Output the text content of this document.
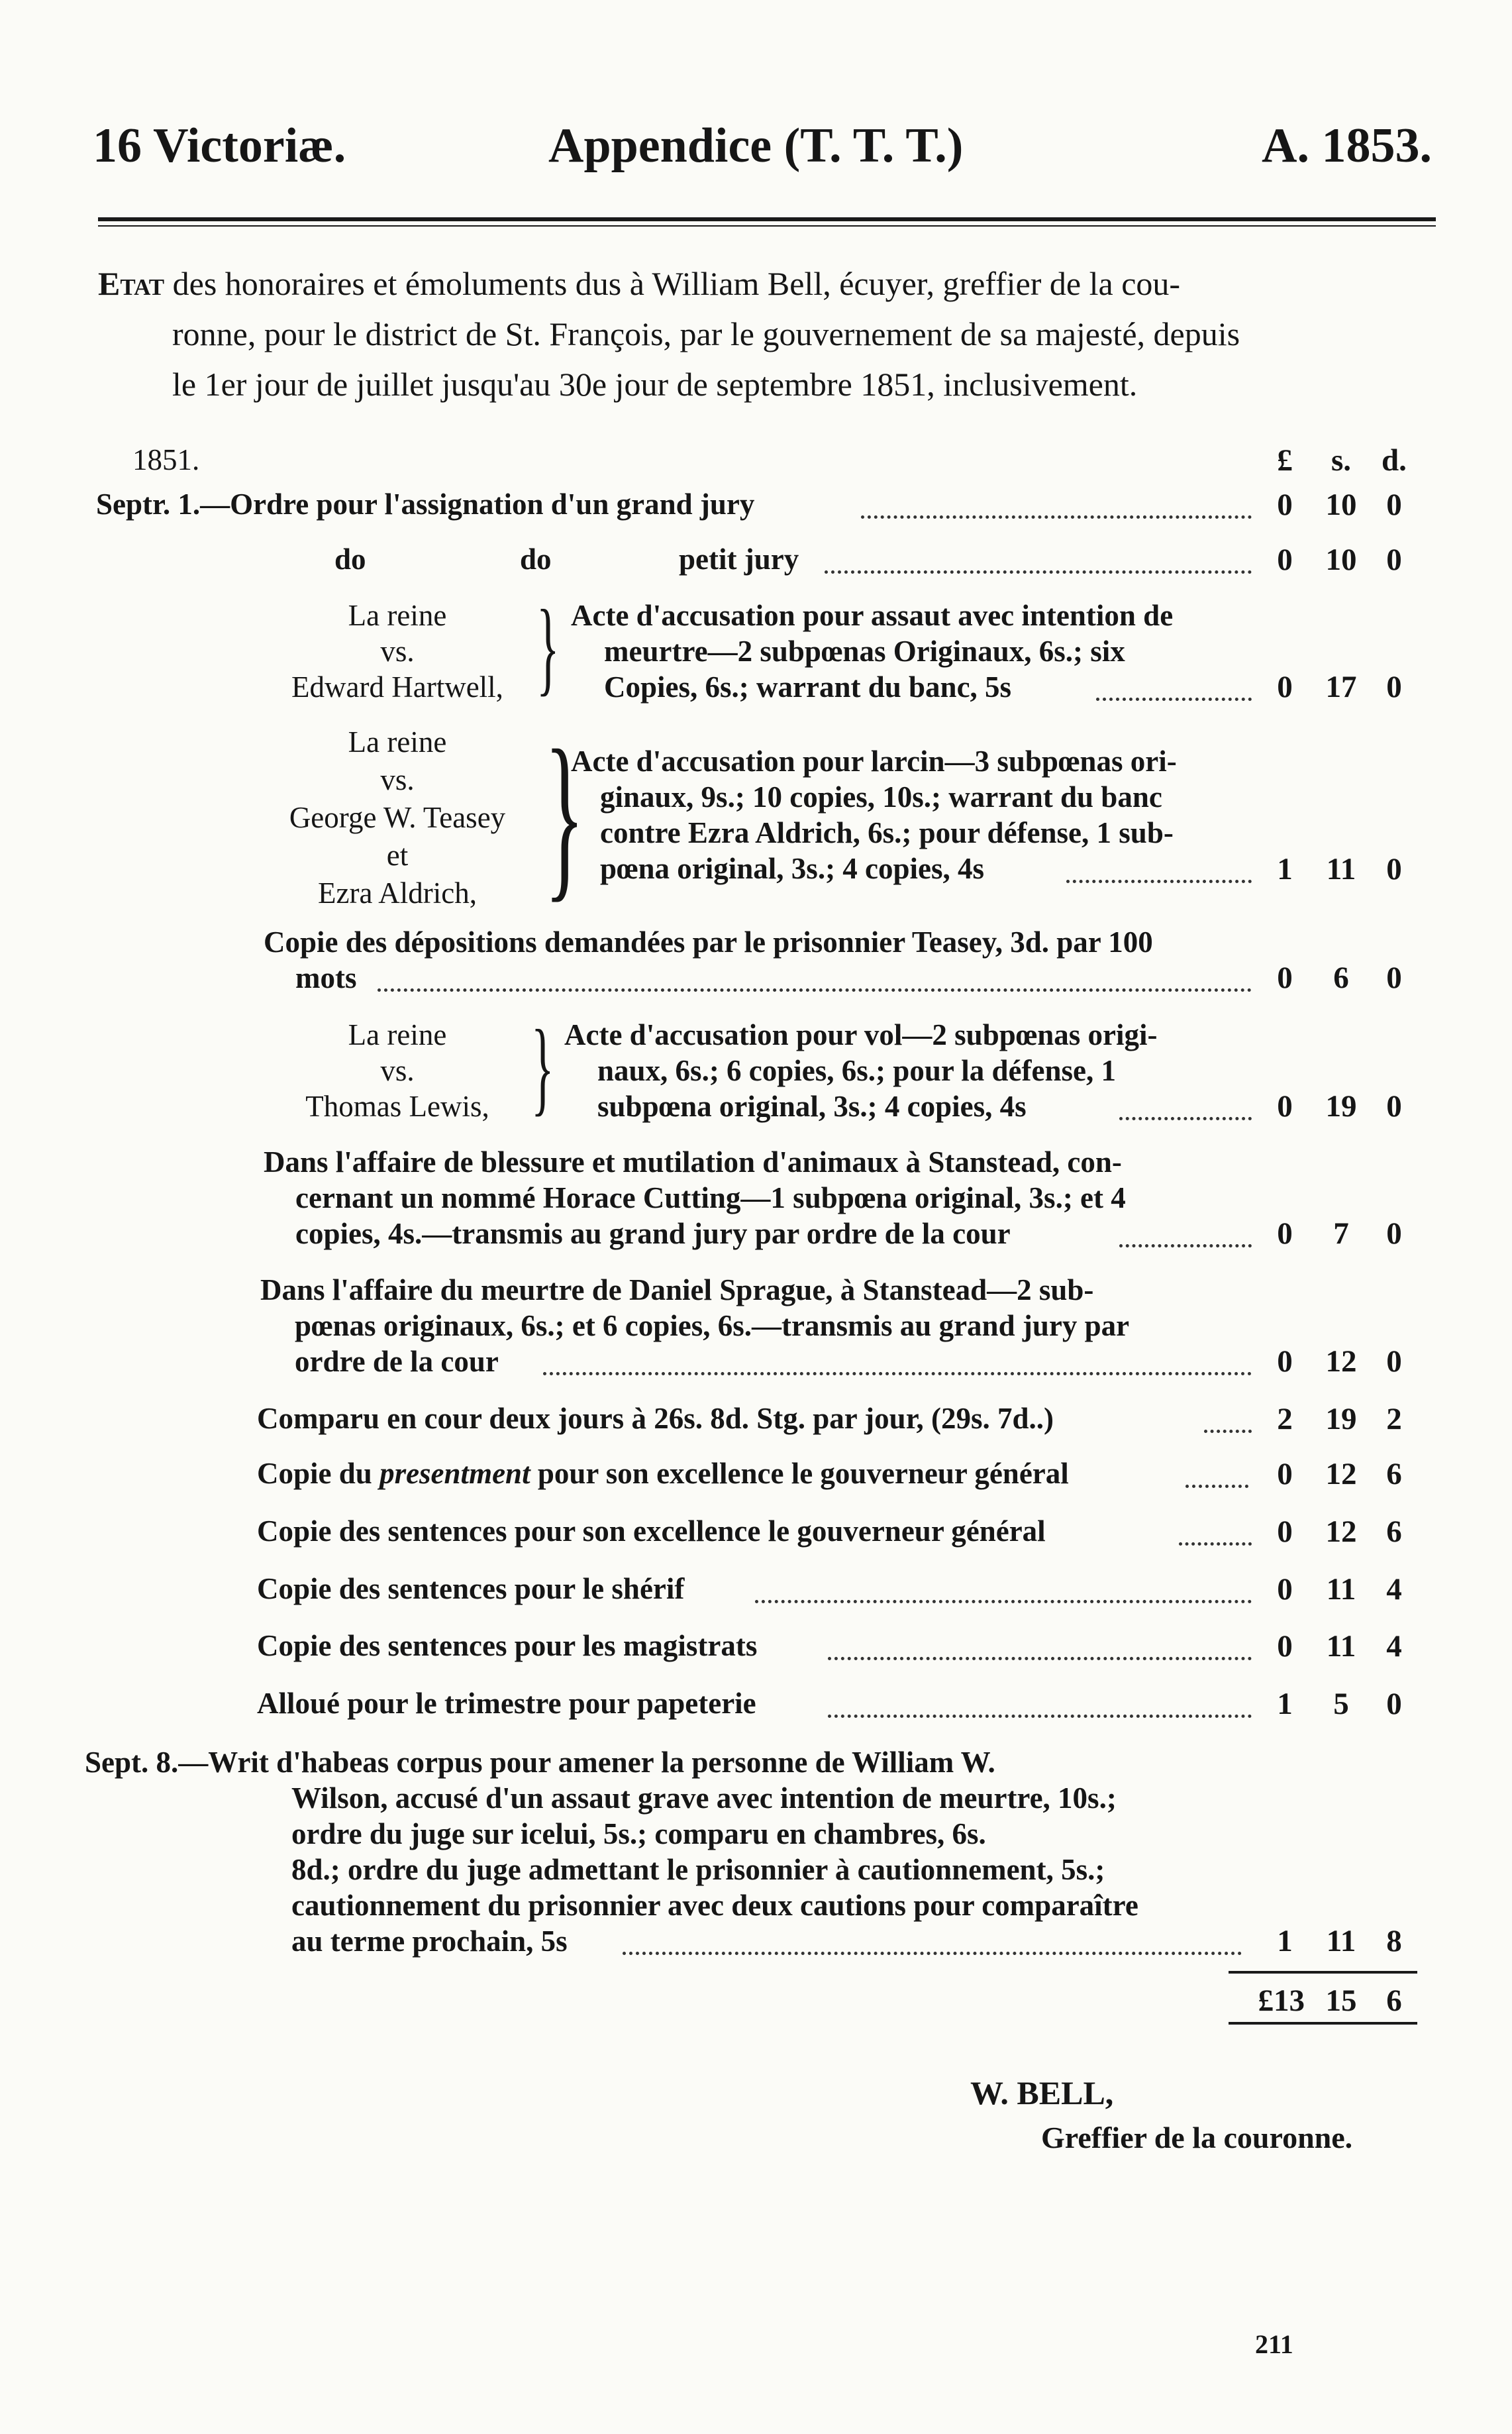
16 Victoriæ.	Appendice (T. T. T.)	A. 1853.
Etat des honoraires et émoluments dus à William Bell, écuyer, greffier de la cou-
ronne, pour le district de St. François, par le gouvernement de sa majesté, depuis
le 1er jour de juillet jusqu'au 30e jour de septembre 1851, inclusivement.
1851.	£	s. d.
Septr. 1.—Ordre pour l'assignation d'un grand jury	0	10 0
do	do	petit jury	0	10 0
La reine
vs.
Edward Hartwell, } Acte d'accusation pour assaut avec intention de
meurtre—2 subpœnas Originaux, 6s.; six
Copies, 6s.; warrant du banc, 5s	0	17 0
La reine
vs.
George W. Teasey
et
Ezra Aldrich, }
Acte d'accusation pour larcin—3 subpœnas ori-
ginaux, 9s.; 10 copies, 10s.; warrant du banc
contre Ezra Aldrich, 6s.; pour défense, 1 sub-
pœna original, 3s.; 4 copies, 4s	1	11 0
Copie des dépositions demandées par le prisonnier Teasey, 3d. par 100
mots	0	6	0
La reine
vs.
Thomas Lewis, } Acte d'accusation pour vol—2 subpœnas origi-
naux, 6s.; 6 copies, 6s.; pour la défense, 1
subpœna original, 3s.; 4 copies, 4s	0	19 0
Dans l'affaire de blessure et mutilation d'animaux à Stanstead, con-
cernant un nommé Horace Cutting—1 subpœna original, 3s.; et 4
copies, 4s.—transmis au grand jury par ordre de la cour	0	7	0
Dans l'affaire du meurtre de Daniel Sprague, à Stanstead—2 sub-
pœnas originaux, 6s.; et 6 copies, 6s.—transmis au grand jury par
ordre de la cour	0	12 0
Comparu en cour deux jours à 26s. 8d. Stg. par jour, (29s. 7d..)	2	19 2
Copie du presentment pour son excellence le gouverneur général	0	12 6
Copie des sentences pour son excellence le gouverneur général	0	12 6
Copie des sentences pour le shérif	0	11 4
Copie des sentences pour les magistrats	0	11 4
Alloué pour le trimestre pour papeterie	1	5	0
Sept. 8.—Writ d'habeas corpus pour amener la personne de William W.
Wilson, accusé d'un assaut grave avec intention de meurtre, 10s.;
ordre du juge sur icelui, 5s.; comparu en chambres, 6s.
8d.; ordre du juge admettant le prisonnier à cautionnement, 5s.;
cautionnement du prisonnier avec deux cautions pour comparaître
au terme prochain, 5s	1	11 8
£13 15 6
W. BELL,
Greffier de la couronne.
211
